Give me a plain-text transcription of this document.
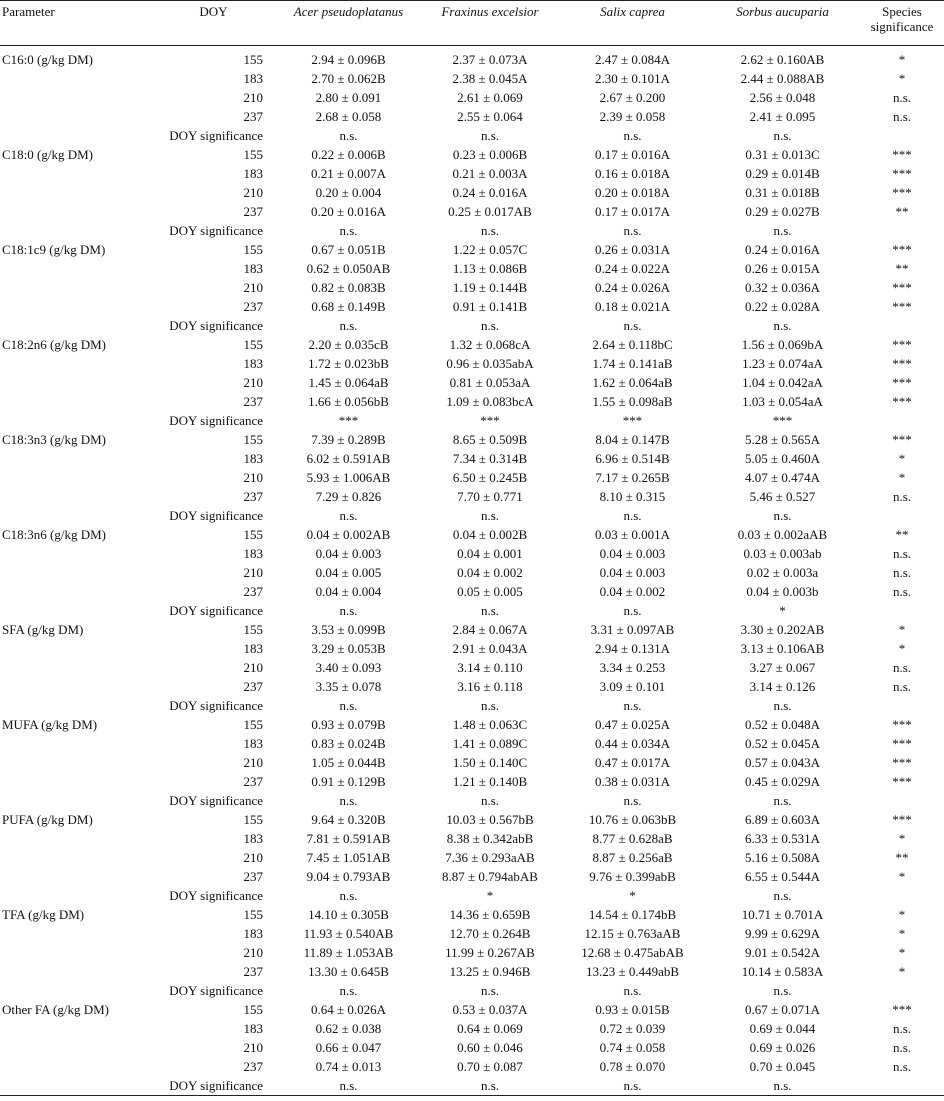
Parameter	DOY	Acer pseudoplatanus	Fraxinus excelsior	Salix caprea	Sorbus aucuparia	Species significance
C16:0 (g/kg DM)	155	2.94 ± 0.096B	2.37 ± 0.073A	2.47 ± 0.084A	2.62 ± 0.160AB	*
	183	2.70 ± 0.062B	2.38 ± 0.045A	2.30 ± 0.101A	2.44 ± 0.088AB	*
	210	2.80 ± 0.091	2.61 ± 0.069	2.67 ± 0.200	2.56 ± 0.048	n.s.
	237	2.68 ± 0.058	2.55 ± 0.064	2.39 ± 0.058	2.41 ± 0.095	n.s.
	DOY significance	n.s.	n.s.	n.s.	n.s.	
C18:0 (g/kg DM)	155	0.22 ± 0.006B	0.23 ± 0.006B	0.17 ± 0.016A	0.31 ± 0.013C	***
	183	0.21 ± 0.007A	0.21 ± 0.003A	0.16 ± 0.018A	0.29 ± 0.014B	***
	210	0.20 ± 0.004	0.24 ± 0.016A	0.20 ± 0.018A	0.31 ± 0.018B	***
	237	0.20 ± 0.016A	0.25 ± 0.017AB	0.17 ± 0.017A	0.29 ± 0.027B	**
	DOY significance	n.s.	n.s.	n.s.	n.s.	
C18:1c9 (g/kg DM)	155	0.67 ± 0.051B	1.22 ± 0.057C	0.26 ± 0.031A	0.24 ± 0.016A	***
	183	0.62 ± 0.050AB	1.13 ± 0.086B	0.24 ± 0.022A	0.26 ± 0.015A	**
	210	0.82 ± 0.083B	1.19 ± 0.144B	0.24 ± 0.026A	0.32 ± 0.036A	***
	237	0.68 ± 0.149B	0.91 ± 0.141B	0.18 ± 0.021A	0.22 ± 0.028A	***
	DOY significance	n.s.	n.s.	n.s.	n.s.	
C18:2n6 (g/kg DM)	155	2.20 ± 0.035cB	1.32 ± 0.068cA	2.64 ± 0.118bC	1.56 ± 0.069bA	***
	183	1.72 ± 0.023bB	0.96 ± 0.035abA	1.74 ± 0.141aB	1.23 ± 0.074aA	***
	210	1.45 ± 0.064aB	0.81 ± 0.053aA	1.62 ± 0.064aB	1.04 ± 0.042aA	***
	237	1.66 ± 0.056bB	1.09 ± 0.083bcA	1.55 ± 0.098aB	1.03 ± 0.054aA	***
	DOY significance	***	***	***	***	
C18:3n3 (g/kg DM)	155	7.39 ± 0.289B	8.65 ± 0.509B	8.04 ± 0.147B	5.28 ± 0.565A	***
	183	6.02 ± 0.591AB	7.34 ± 0.314B	6.96 ± 0.514B	5.05 ± 0.460A	*
	210	5.93 ± 1.006AB	6.50 ± 0.245B	7.17 ± 0.265B	4.07 ± 0.474A	*
	237	7.29 ± 0.826	7.70 ± 0.771	8.10 ± 0.315	5.46 ± 0.527	n.s.
	DOY significance	n.s.	n.s.	n.s.	n.s.	
C18:3n6 (g/kg DM)	155	0.04 ± 0.002AB	0.04 ± 0.002B	0.03 ± 0.001A	0.03 ± 0.002aAB	**
	183	0.04 ± 0.003	0.04 ± 0.001	0.04 ± 0.003	0.03 ± 0.003ab	n.s.
	210	0.04 ± 0.005	0.04 ± 0.002	0.04 ± 0.003	0.02 ± 0.003a	n.s.
	237	0.04 ± 0.004	0.05 ± 0.005	0.04 ± 0.002	0.04 ± 0.003b	n.s.
	DOY significance	n.s.	n.s.	n.s.	*	
SFA (g/kg DM)	155	3.53 ± 0.099B	2.84 ± 0.067A	3.31 ± 0.097AB	3.30 ± 0.202AB	*
	183	3.29 ± 0.053B	2.91 ± 0.043A	2.94 ± 0.131A	3.13 ± 0.106AB	*
	210	3.40 ± 0.093	3.14 ± 0.110	3.34 ± 0.253	3.27 ± 0.067	n.s.
	237	3.35 ± 0.078	3.16 ± 0.118	3.09 ± 0.101	3.14 ± 0.126	n.s.
	DOY significance	n.s.	n.s.	n.s.	n.s.	
MUFA (g/kg DM)	155	0.93 ± 0.079B	1.48 ± 0.063C	0.47 ± 0.025A	0.52 ± 0.048A	***
	183	0.83 ± 0.024B	1.41 ± 0.089C	0.44 ± 0.034A	0.52 ± 0.045A	***
	210	1.05 ± 0.044B	1.50 ± 0.140C	0.47 ± 0.017A	0.57 ± 0.043A	***
	237	0.91 ± 0.129B	1.21 ± 0.140B	0.38 ± 0.031A	0.45 ± 0.029A	***
	DOY significance	n.s.	n.s.	n.s.	n.s.	
PUFA (g/kg DM)	155	9.64 ± 0.320B	10.03 ± 0.567bB	10.76 ± 0.063bB	6.89 ± 0.603A	***
	183	7.81 ± 0.591AB	8.38 ± 0.342abB	8.77 ± 0.628aB	6.33 ± 0.531A	*
	210	7.45 ± 1.051AB	7.36 ± 0.293aAB	8.87 ± 0.256aB	5.16 ± 0.508A	**
	237	9.04 ± 0.793AB	8.87 ± 0.794abAB	9.76 ± 0.399abB	6.55 ± 0.544A	*
	DOY significance	n.s.	*	*	n.s.	
TFA (g/kg DM)	155	14.10 ± 0.305B	14.36 ± 0.659B	14.54 ± 0.174bB	10.71 ± 0.701A	*
	183	11.93 ± 0.540AB	12.70 ± 0.264B	12.15 ± 0.763aAB	9.99 ± 0.629A	*
	210	11.89 ± 1.053AB	11.99 ± 0.267AB	12.68 ± 0.475abAB	9.01 ± 0.542A	*
	237	13.30 ± 0.645B	13.25 ± 0.946B	13.23 ± 0.449abB	10.14 ± 0.583A	*
	DOY significance	n.s.	n.s.	n.s.	n.s.	
Other FA (g/kg DM)	155	0.64 ± 0.026A	0.53 ± 0.037A	0.93 ± 0.015B	0.67 ± 0.071A	***
	183	0.62 ± 0.038	0.64 ± 0.069	0.72 ± 0.039	0.69 ± 0.044	n.s.
	210	0.66 ± 0.047	0.60 ± 0.046	0.74 ± 0.058	0.69 ± 0.026	n.s.
	237	0.74 ± 0.013	0.70 ± 0.087	0.78 ± 0.070	0.70 ± 0.045	n.s.
	DOY significance	n.s.	n.s.	n.s.	n.s.	
